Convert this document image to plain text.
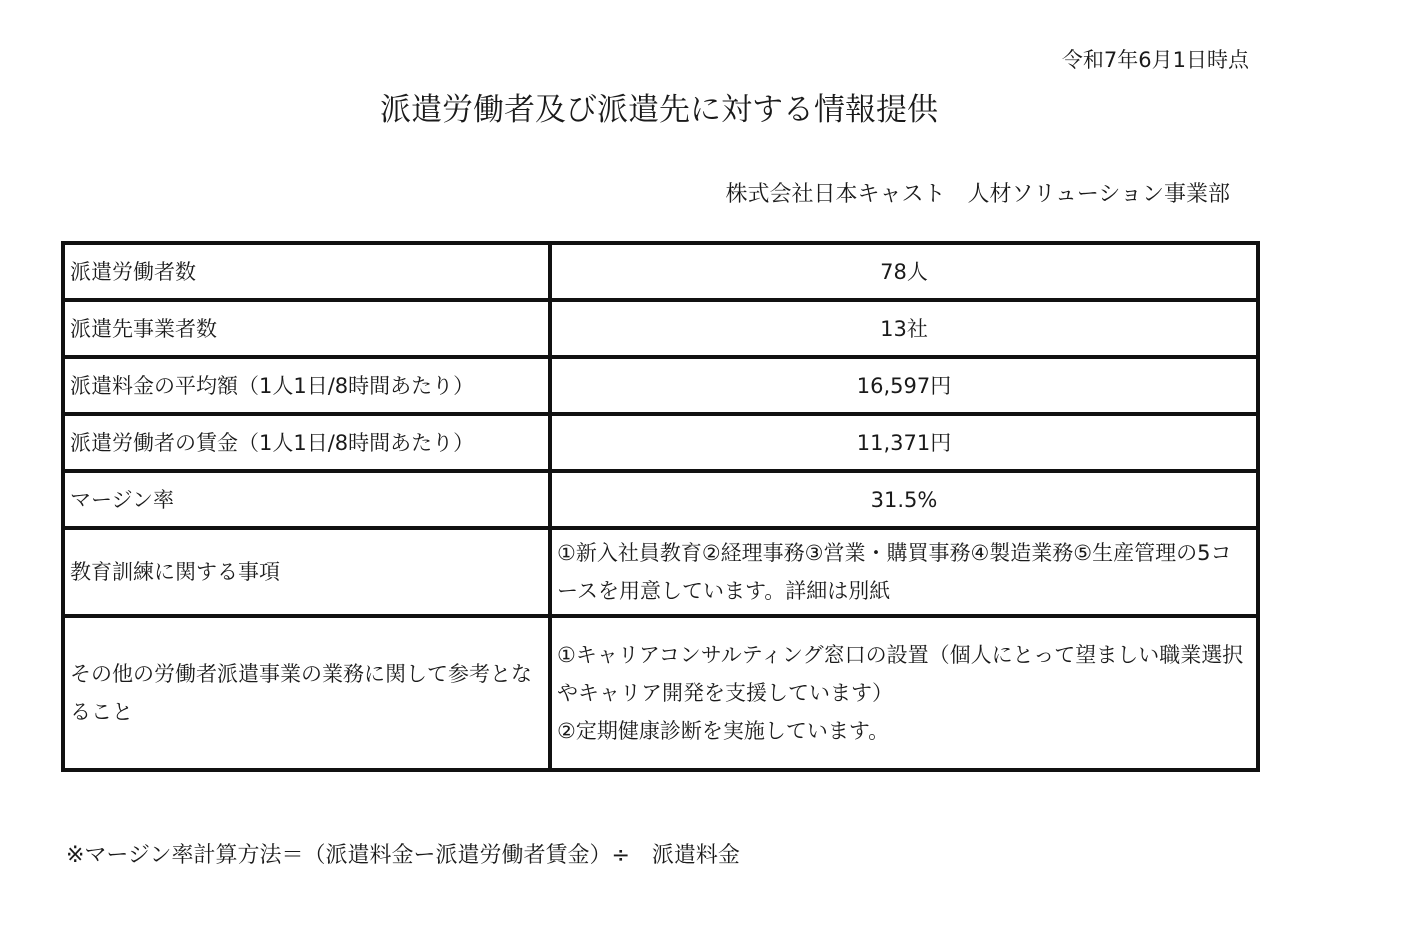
令和7年6月1日時点
派遣労働者及び派遣先に対する情報提供
株式会社日本キャスト　人材ソリューション事業部
派遣労働者数	78人
派遣先事業者数	13社
派遣料金の平均額（1人1日/8時間あたり）	16,597円
派遣労働者の賃金（1人1日/8時間あたり）	11,371円
マージン率	31.5%
教育訓練に関する事項	①新入社員教育②経理事務③営業・購買事務④製造業務⑤生産管理の5コースを用意しています。詳細は別紙
その他の労働者派遣事業の業務に関して参考となること	①キャリアコンサルティング窓口の設置（個人にとって望ましい職業選択やキャリア開発を支援しています）
②定期健康診断を実施しています。
※マージン率計算方法＝（派遣料金ー派遣労働者賃金）÷　派遣料金
